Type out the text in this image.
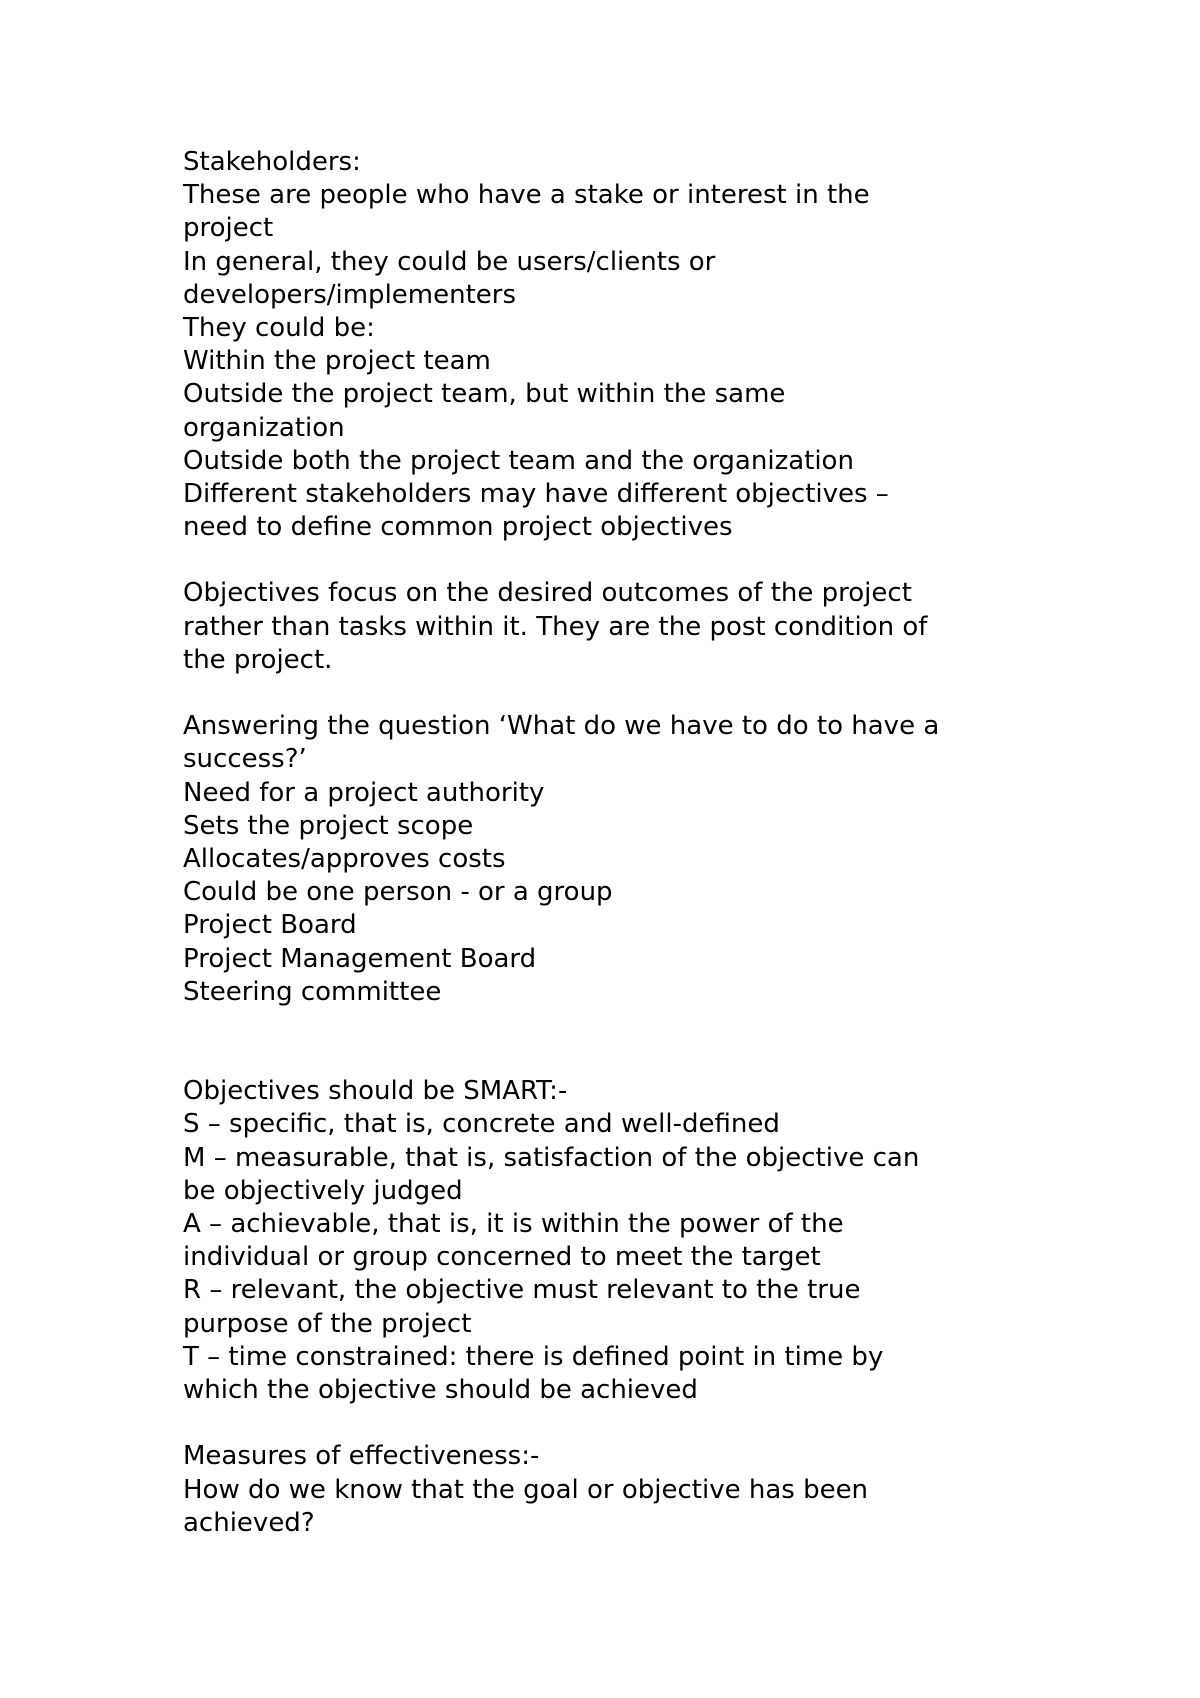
Stakeholders:
These are people who have a stake or interest in the
project
In general, they could be users/clients or
developers/implementers
They could be:
Within the project team
Outside the project team, but within the same
organization
Outside both the project team and the organization
Different stakeholders may have different objectives –
need to define common project objectives
Objectives focus on the desired outcomes of the project
rather than tasks within it. They are the post condition of
the project.
Answering the question ‘What do we have to do to have a
success?’
Need for a project authority
Sets the project scope
Allocates/approves costs
Could be one person - or a group
Project Board
Project Management Board
Steering committee
Objectives should be SMART:-
S – specific, that is, concrete and well-defined
M – measurable, that is, satisfaction of the objective can
be objectively judged
A – achievable, that is, it is within the power of the
individual or group concerned to meet the target
R – relevant, the objective must relevant to the true
purpose of the project
T – time constrained: there is defined point in time by
which the objective should be achieved
Measures of effectiveness:-
How do we know that the goal or objective has been
achieved?
